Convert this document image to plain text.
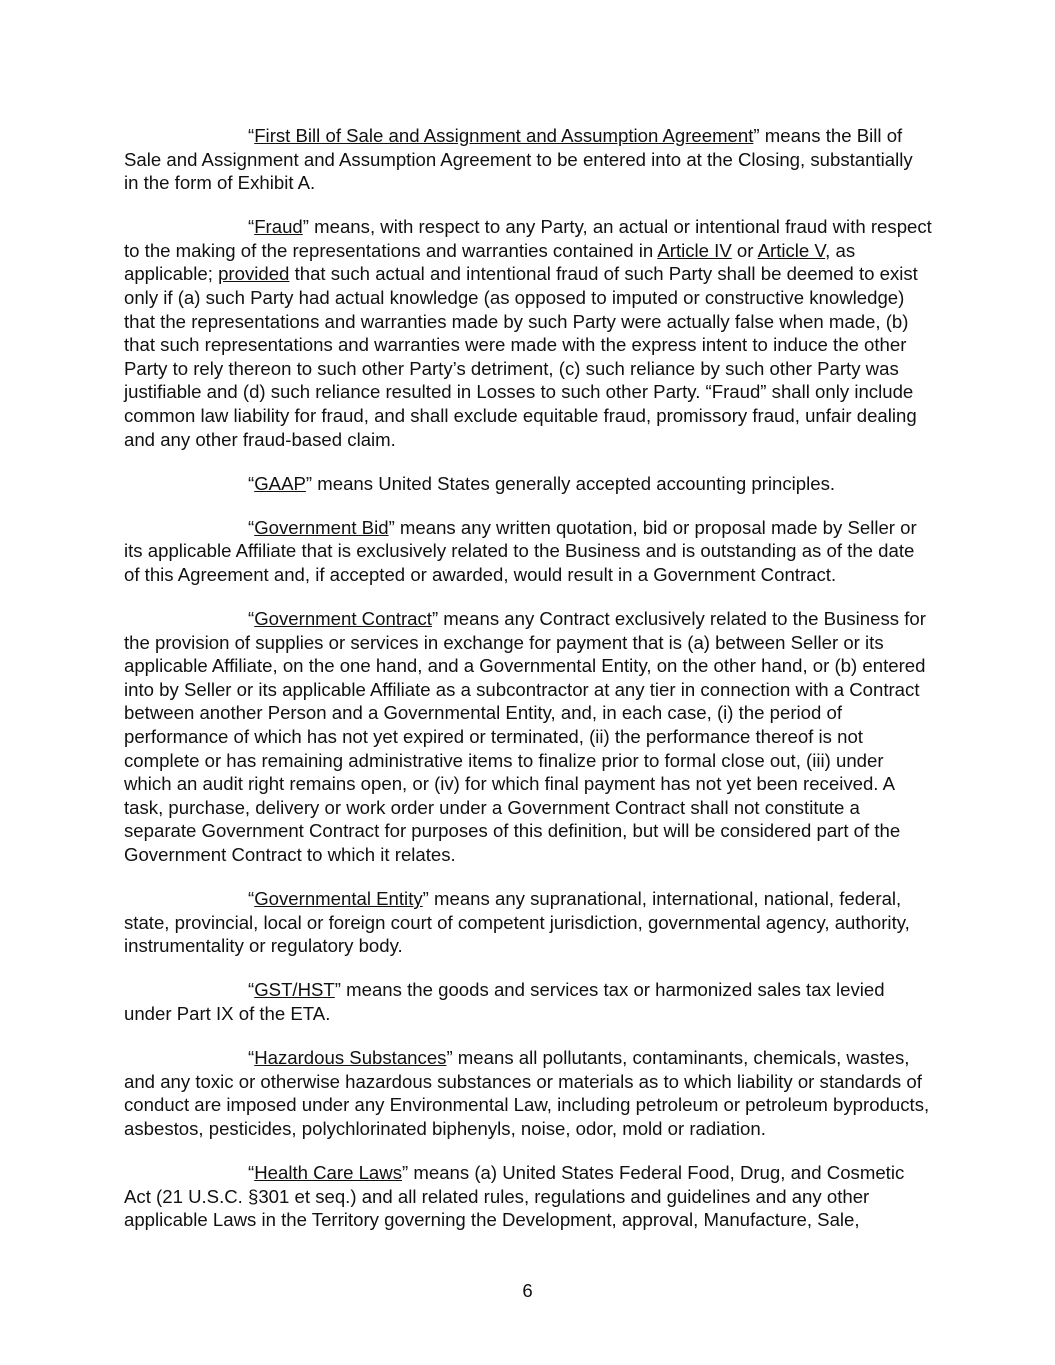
“First Bill of Sale and Assignment and Assumption Agreement” means the Bill of Sale and Assignment and Assumption Agreement to be entered into at the Closing, substantially in the form of Exhibit A.

“Fraud” means, with respect to any Party, an actual or intentional fraud with respect to the making of the representations and warranties contained in Article IV or Article V, as applicable; provided that such actual and intentional fraud of such Party shall be deemed to exist only if (a) such Party had actual knowledge (as opposed to imputed or constructive knowledge) that the representations and warranties made by such Party were actually false when made, (b) that such representations and warranties were made with the express intent to induce the other Party to rely thereon to such other Party’s detriment, (c) such reliance by such other Party was justifiable and (d) such reliance resulted in Losses to such other Party. “Fraud” shall only include common law liability for fraud, and shall exclude equitable fraud, promissory fraud, unfair dealing and any other fraud-based claim.

“GAAP” means United States generally accepted accounting principles.

“Government Bid” means any written quotation, bid or proposal made by Seller or its applicable Affiliate that is exclusively related to the Business and is outstanding as of the date of this Agreement and, if accepted or awarded, would result in a Government Contract.

“Government Contract” means any Contract exclusively related to the Business for the provision of supplies or services in exchange for payment that is (a) between Seller or its applicable Affiliate, on the one hand, and a Governmental Entity, on the other hand, or (b) entered into by Seller or its applicable Affiliate as a subcontractor at any tier in connection with a Contract between another Person and a Governmental Entity, and, in each case, (i) the period of performance of which has not yet expired or terminated, (ii) the performance thereof is not complete or has remaining administrative items to finalize prior to formal close out, (iii) under which an audit right remains open, or (iv) for which final payment has not yet been received. A task, purchase, delivery or work order under a Government Contract shall not constitute a separate Government Contract for purposes of this definition, but will be considered part of the Government Contract to which it relates.

“Governmental Entity” means any supranational, international, national, federal, state, provincial, local or foreign court of competent jurisdiction, governmental agency, authority, instrumentality or regulatory body.

“GST/HST” means the goods and services tax or harmonized sales tax levied under Part IX of the ETA.

“Hazardous Substances” means all pollutants, contaminants, chemicals, wastes, and any toxic or otherwise hazardous substances or materials as to which liability or standards of conduct are imposed under any Environmental Law, including petroleum or petroleum byproducts, asbestos, pesticides, polychlorinated biphenyls, noise, odor, mold or radiation.

“Health Care Laws” means (a) United States Federal Food, Drug, and Cosmetic Act (21 U.S.C. §301 et seq.) and all related rules, regulations and guidelines and any other applicable Laws in the Territory governing the Development, approval, Manufacture, Sale,

6
